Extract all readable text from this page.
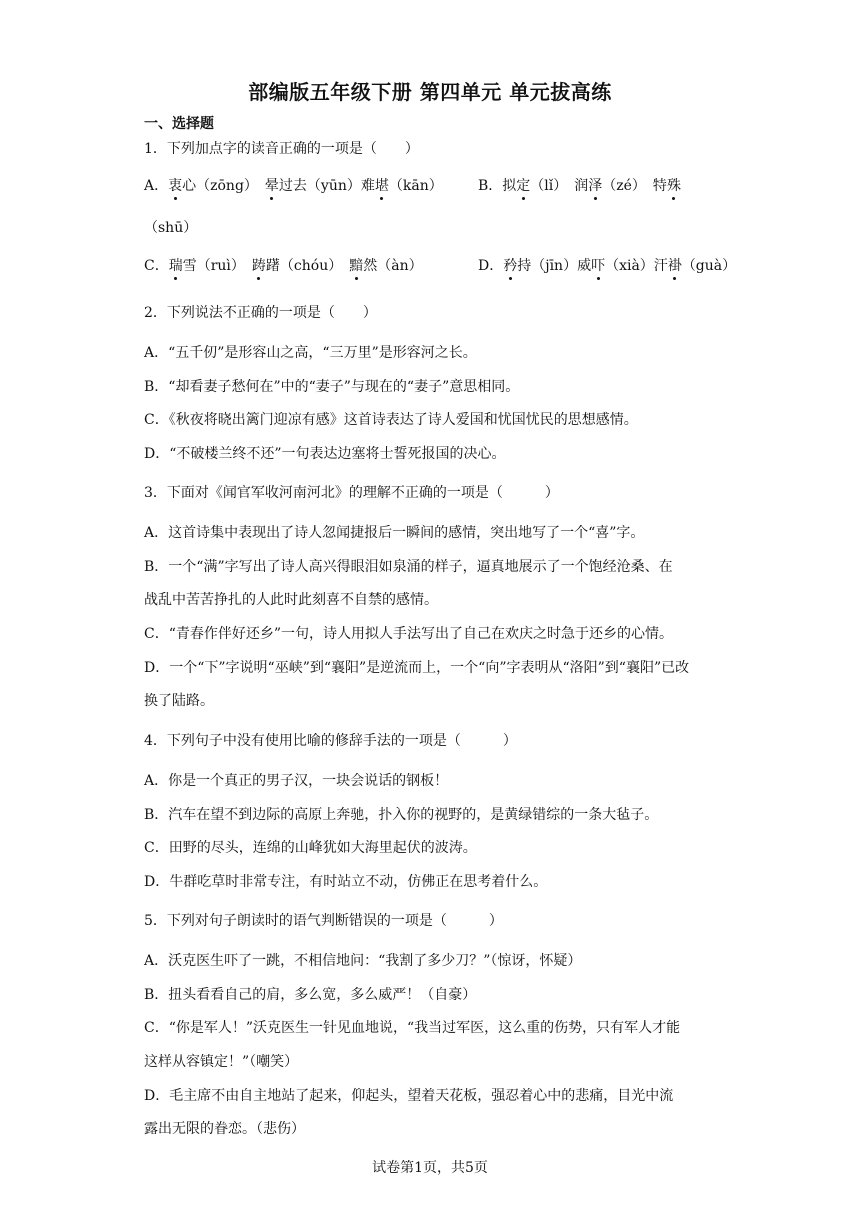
部编版五年级下册 第四单元 单元拔高练
一、选择题
1．下列加点字的读音正确的一项是（　　）
A．衷心（zōng）　 晕过去（yūn）难堪（kān）	B．拟定（lǐ）　润泽（zé）　特殊
（shū）
C．瑞雪（ruì）　踌躇（chóu）　黯然（àn）	D．矜持（jīn）威吓（xià）汗褂（guà）
2．下列说法不正确的一项是（　　）
A．“五千仞”是形容山之高，“三万里”是形容河之长。
B．“却看妻子愁何在”中的“妻子”与现在的“妻子”意思相同。
C．《秋夜将晓出篱门迎凉有感》这首诗表达了诗人爱国和忧国忧民的思想感情。
D．“不破楼兰终不还”一句表达边塞将士誓死报国的决心。
3．下面对《闻官军收河南河北》的理解不正确的一项是（　　　）
A．这首诗集中表现出了诗人忽闻捷报后一瞬间的感情，突出地写了一个“喜”字。
B．一个“满”字写出了诗人高兴得眼泪如泉涌的样子，逼真地展示了一个饱经沧桑、在
战乱中苦苦挣扎的人此时此刻喜不自禁的感情。
C．“青春作伴好还乡”一句，诗人用拟人手法写出了自己在欢庆之时急于还乡的心情。
D．一个“下”字说明“巫峡”到“襄阳”是逆流而上，一个“向”字表明从“洛阳”到“襄阳”已改
换了陆路。
4．下列句子中没有使用比喻的修辞手法的一项是（　　　）
A．你是一个真正的男子汉，一块会说话的钢板！
B．汽车在望不到边际的高原上奔驰，扑入你的视野的，是黄绿错综的一条大毡子。
C．田野的尽头，连绵的山峰犹如大海里起伏的波涛。
D．牛群吃草时非常专注，有时站立不动，仿佛正在思考着什么。
5．下列对句子朗读时的语气判断错误的一项是（　　　）
A．沃克医生吓了一跳，不相信地问：“我割了多少刀？”（惊讶，怀疑）
B．扭头看看自己的肩，多么宽，多么威严！（自豪）
C．“你是军人！”沃克医生一针见血地说，“我当过军医，这么重的伤势，只有军人才能
这样从容镇定！”（嘲笑）
D．毛主席不由自主地站了起来，仰起头，望着天花板，强忍着心中的悲痛，目光中流
露出无限的眷恋。（悲伤）
试卷第1页，共5页
